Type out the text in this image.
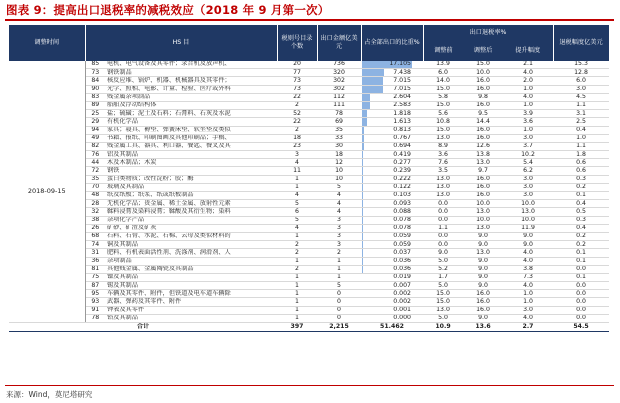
图表 9：提高出口退税率的减税效应（2018 年 9 月第一次）
调整时间	HS 目		税则号目录个数	出口金额亿美元	占全部出口的比重%	出口退税率%
调整前 调整后 提升幅度			退税幅度亿美元
2018-09-15	85	电机、电气设备及其零件；录音机及放声机、	20	736	17.105	13.9	15.0	2.1	15.3
	73	钢铁制品	77	320	7.438	6.0	10.0	4.0	12.8
	84	核反应堆、锅炉、机器、机械器具及其零件；	73	302	7.015	14.0	16.0	2.0	6.0
	90	光学、照相、电影、计量、检验、医疗或外科	73	302	7.015	15.0	16.0	1.0	3.0
	83	贱金属杂项制品	22	112	2.604	5.8	9.8	4.0	4.5
	89	船舶及浮动结构体	2	111	2.583	15.0	16.0	1.0	1.1
	25	盐；硫磺；泥土及石料；石膏料、石灰及水泥	52	78	1.818	5.6	9.5	3.9	3.1
	29	有机化学品	22	69	1.613	10.8	14.4	3.6	2.5
	94	家具；寝具、褥垫、弹簧床垫、软坐垫及类似	2	35	0.813	15.0	16.0	1.0	0.4
	49	书籍、报纸、印刷图画及其他印刷品；手稿、	18	33	0.767	13.0	16.0	3.0	1.0
	82	贱金属工具、器具、利口器、餐匙、餐叉及其	23	30	0.694	8.9	12.6	3.7	1.1
	76	铝及其制品	3	18	0.419	3.6	13.8	10.2	1.8
	44	木及木制品；木炭	4	12	0.277	7.6	13.0	5.4	0.6
	72	钢铁	11	10	0.239	3.5	9.7	6.2	0.6
	35	蛋白类物质；改性淀粉；胶；酶	1	10	0.222	13.0	16.0	3.0	0.3
	70	玻璃及其制品	1	5	0.122	13.0	16.0	3.0	0.2
	48	纸及纸板；纸浆、纸或纸板制品	4	4	0.103	13.0	16.0	3.0	0.1
	28	无机化学品；贵金属、稀土金属、放射性元素	5	4	0.093	0.0	10.0	10.0	0.4
	32	鞣料浸膏及染料浸膏；鞣酸及其衍生物；染料	6	4	0.088	0.0	13.0	13.0	0.5
	38	杂项化学产品	5	3	0.078	0.0	10.0	10.0	0.3
	26	矿砂、矿渣及矿灰	4	3	0.078	1.1	13.0	11.9	0.4
	68	石料、石膏、水泥、石棉、云母及类似材料的	1	3	0.059	0.0	9.0	9.0	0.2
	74	铜及其制品	2	3	0.059	0.0	9.0	9.0	0.2
	31	肥料、有机表面活性剂、洗涤剂、润滑剂、人	2	2	0.037	9.0	13.0	4.0	0.1
	36	杂项制品	1	1	0.036	5.0	9.0	4.0	0.1
	81	其他贱金属、金属陶瓷及其制品	2	1	0.036	5.2	9.0	3.8	0.0
	75	镍及其制品	1	1	0.019	1.7	9.0	7.3	0.1
	87	锡及其制品	1	5	0.007	5.0	9.0	4.0	0.0
	95	车辆及其零件、附件，但铁道及电车道车辆除	1	0	0.002	15.0	16.0	1.0	0.0
	93	武器、弹药及其零件、附件	1	0	0.002	15.0	16.0	1.0	0.0
	91	钟表及其零件	1	0	0.001	13.0	16.0	3.0	0.0
	78	铅及其制品	1	0	0.000	5.0	9.0	4.0	0.0
合计			397	2,215	51.462	10.9	13.6	2.7	54.5
来源：Wind，莫尼塔研究
